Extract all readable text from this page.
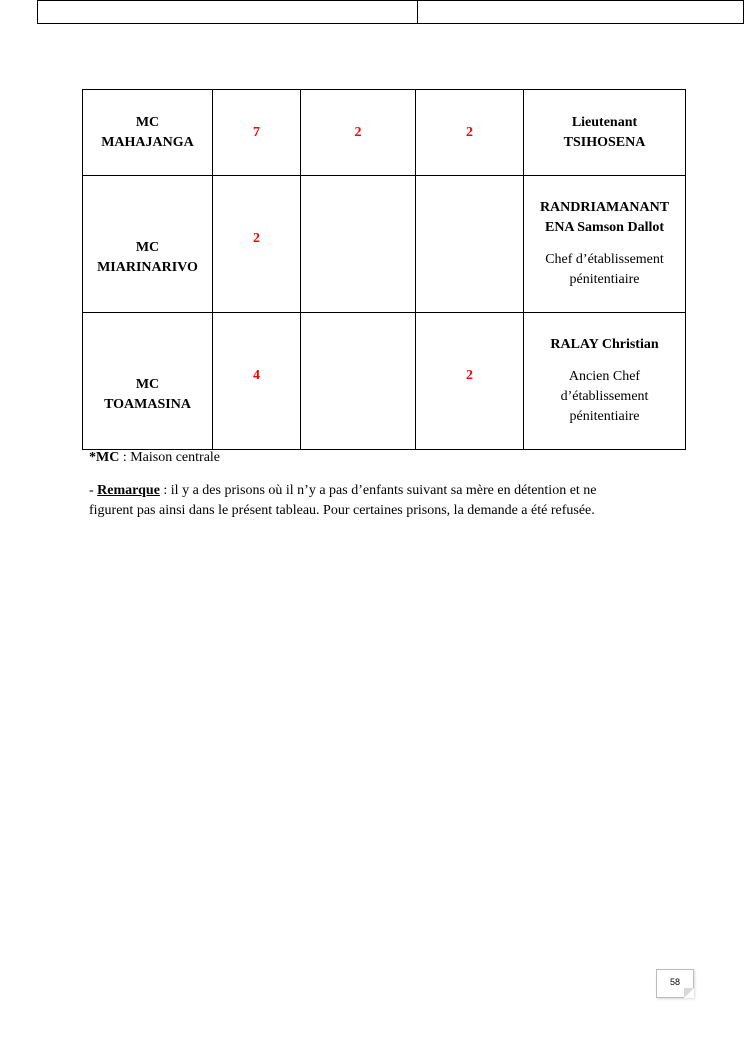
MC
MAHAJANGA	7	2	2	Lieutenant
TSIHOSENA

MC
MIARINARIVO	2			RANDRIAMANANT
ENA Samson Dallot
Chef d’établissement
pénitentiaire

MC
TOAMASINA	4		2	RALAY Christian
Ancien Chef
d’établissement
pénitentiaire
*MC : Maison centrale
- Remarque : il y a des prisons où il n’y a pas d’enfants suivant sa mère en détention et ne
figurent pas ainsi dans le présent tableau. Pour certaines prisons, la demande a été refusée.
58
